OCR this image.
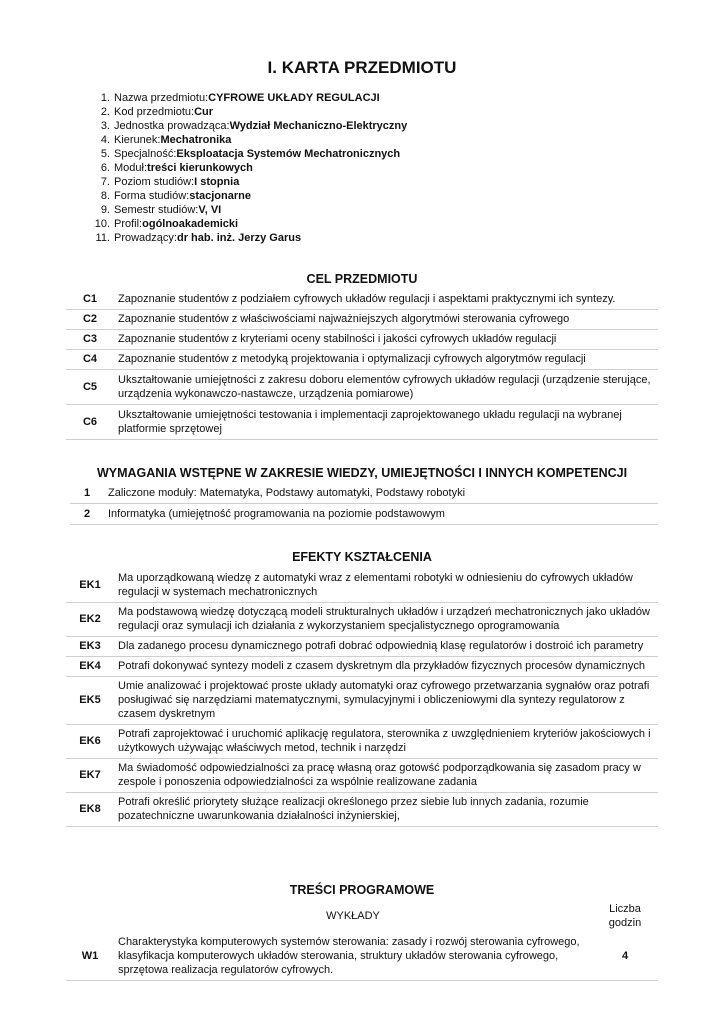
I. KARTA PRZEDMIOTU
1. Nazwa przedmiotu: CYFROWE UKŁADY REGULACJI
2. Kod przedmiotu: Cur
3. Jednostka prowadząca: Wydział Mechaniczno-Elektryczny
4. Kierunek: Mechatronika
5. Specjalność: Eksploatacja Systemów Mechatronicznych
6. Moduł: treści kierunkowych
7. Poziom studiów: I stopnia
8. Forma studiów: stacjonarne
9. Semestr studiów: V, VI
10. Profil: ogólnoakademicki
11. Prowadzący: dr hab. inż. Jerzy Garus
CEL PRZEDMIOTU
C1	Zapoznanie studentów z podziałem cyfrowych układów regulacji i aspektami praktycznymi ich syntezy.
C2	Zapoznanie studentów z właściwościami najważniejszych algorytmówi sterowania cyfrowego
C3	Zapoznanie studentów z kryteriami oceny stabilności i jakości cyfrowych układów regulacji
C4	Zapoznanie studentów z metodyką projektowania i optymalizacji cyfrowych algorytmów regulacji
C5	Ukształtowanie umiejętności z zakresu doboru elementów cyfrowych układów regulacji (urządzenie sterujące, urządzenia wykonawczo-nastawcze, urządzenia pomiarowe)
C6	Ukształtowanie umiejętności testowania i implementacji zaprojektowanego układu regulacji na wybranej platformie sprzętowej
WYMAGANIA WSTĘPNE W ZAKRESIE WIEDZY, UMIEJĘTNOŚCI I INNYCH KOMPETENCJI
1	Zaliczone moduły: Matematyka, Podstawy automatyki, Podstawy robotyki
2	Informatyka (umiejętność programowania na poziomie podstawowym
EFEKTY KSZTAŁCENIA
EK1	Ma uporządkowaną wiedzę z automatyki wraz z elementami robotyki w odniesieniu do cyfrowych układów regulacji w systemach mechatronicznych
EK2	Ma podstawową wiedzę dotyczącą modeli strukturalnych układów i urządzeń mechatronicznych jako układów regulacji oraz symulacji ich działania z wykorzystaniem specjalistycznego oprogramowania
EK3	Dla zadanego procesu dynamicznego potrafi dobrać odpowiednią klasę regulatorów i dostroić ich parametry
EK4	Potrafi dokonywać syntezy modeli z czasem dyskretnym dla przykładów fizycznych procesów dynamicznych
EK5	Umie analizować i projektować proste układy automatyki oraz cyfrowego przetwarzania sygnałów oraz potrafi posługiwać się narzędziami matematycznymi, symulacyjnymi i obliczeniowymi dla syntezy regulatorow z czasem dyskretnym
EK6	Potrafi zaprojektować i uruchomić aplikację regulatora, sterownika z uwzględnieniem kryteriów jakościowych i użytkowych używając właściwych metod, technik i narzędzi
EK7	Ma świadomość odpowiedzialności za pracę własną oraz gotowść podporządkowania się zasadom pracy w zespole i ponoszenia odpowiedzialności za wspólnie realizowane zadania
EK8	Potrafi określić priorytety służące realizacji określonego przez siebie lub innych zadania, rozumie pozatechniczne uwarunkowania działalności inżynierskiej,
TREŚCI PROGRAMOWE
	WYKŁADY	Liczba godzin
W1	Charakterystyka komputerowych systemów sterowania: zasady i rozwój sterowania cyfrowego, klasyfikacja komputerowych układów sterowania, struktury układów sterowania cyfrowego, sprzętowa realizacja regulatorów cyfrowych.	4
